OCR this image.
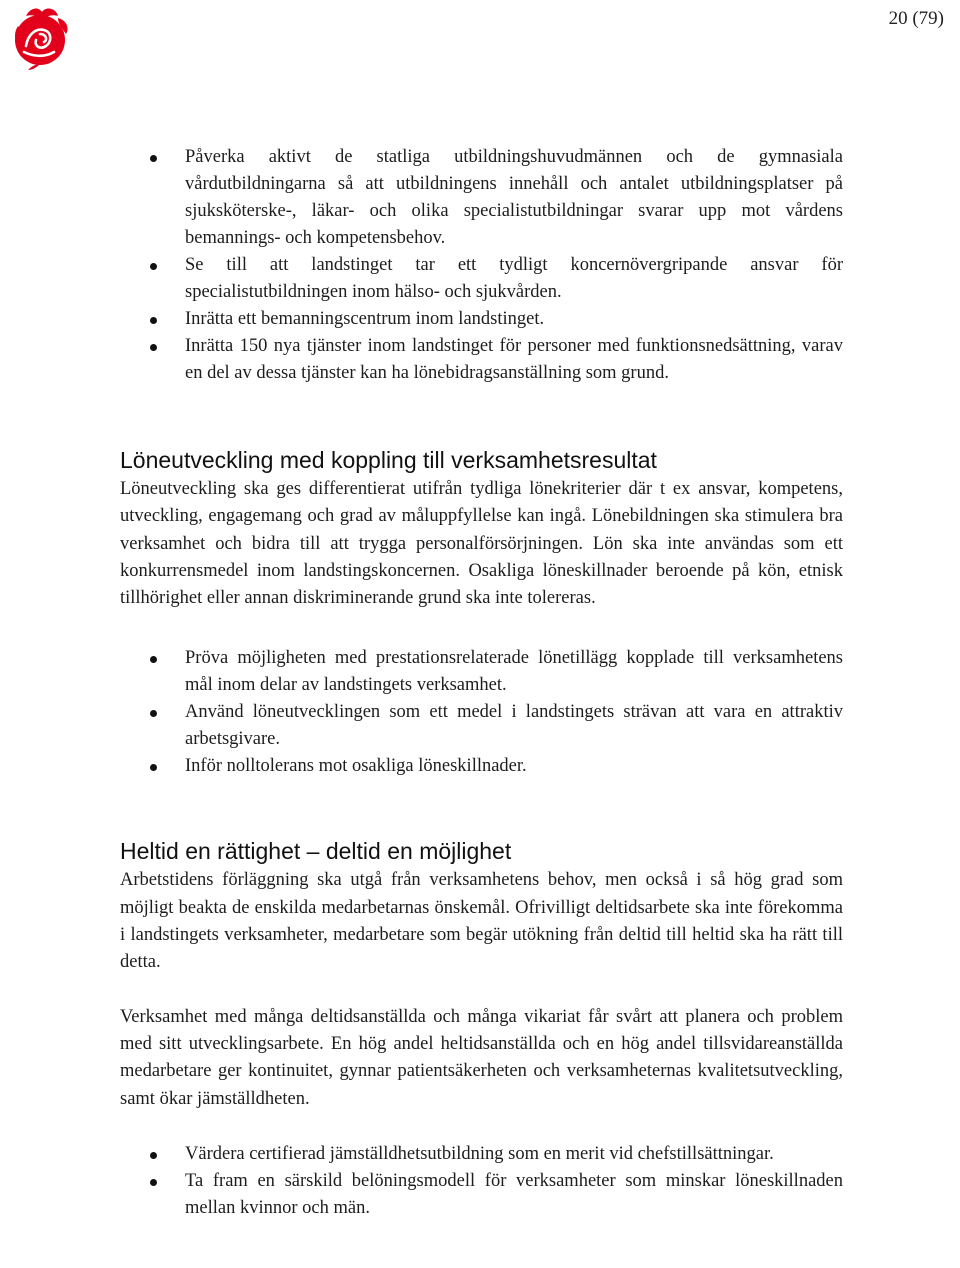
20 (79)
Påverka aktivt de statliga utbildningshuvudmännen och de gymnasiala vårdutbildningarna så att utbildningens innehåll och antalet utbildningsplatser på sjuksköterske-, läkar- och olika specialistutbildningar svarar upp mot vårdens bemannings- och kompetensbehov.
Se till att landstinget tar ett tydligt koncernövergripande ansvar för specialistutbildningen inom hälso- och sjukvården.
Inrätta ett bemanningscentrum inom landstinget.
Inrätta 150 nya tjänster inom landstinget för personer med funktionsnedsättning, varav en del av dessa tjänster kan ha lönebidragsanställning som grund.
Löneutveckling med koppling till verksamhetsresultat

Löneutveckling ska ges differentierat utifrån tydliga lönekriterier där t ex ansvar, kompetens, utveckling, engagemang och grad av måluppfyllelse kan ingå. Lönebildningen ska stimulera bra verksamhet och bidra till att trygga personalförsörjningen. Lön ska inte användas som ett konkurrensmedel inom landstingskoncernen. Osakliga löneskillnader beroende på kön, etnisk tillhörighet eller annan diskriminerande grund ska inte tolereras.

Pröva möjligheten med prestationsrelaterade lönetillägg kopplade till verksamhetens mål inom delar av landstingets verksamhet.
Använd löneutvecklingen som ett medel i landstingets strävan att vara en attraktiv arbetsgivare.
Inför nolltolerans mot osakliga löneskillnader.
Heltid en rättighet – deltid en möjlighet

Arbetstidens förläggning ska utgå från verksamhetens behov, men också i så hög grad som möjligt beakta de enskilda medarbetarnas önskemål. Ofrivilligt deltidsarbete ska inte förekomma i landstingets verksamheter, medarbetare som begär utökning från deltid till heltid ska ha rätt till detta.

Verksamhet med många deltidsanställda och många vikariat får svårt att planera och problem med sitt utvecklingsarbete. En hög andel heltidsanställda och en hög andel tillsvidareanställda medarbetare ger kontinuitet, gynnar patientsäkerheten och verksamheternas kvalitetsutveckling, samt ökar jämställdheten.

Värdera certifierad jämställdhetsutbildning som en merit vid chefstillsättningar.
Ta fram en särskild belöningsmodell för verksamheter som minskar löneskillnaden mellan kvinnor och män.
